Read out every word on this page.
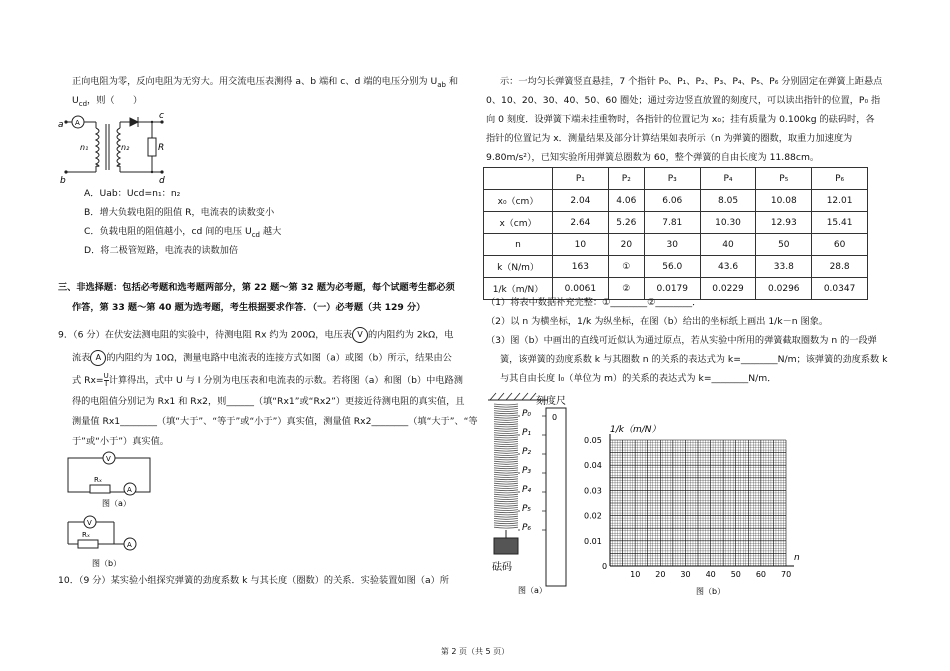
正向电阻为零，反向电阻为无穷大。用交流电压表测得 a、b 端和 c、d 端的电压分别为 $U_{ab}$ 和
$U_{cd}$，则（　　）
a
b
c
d
A
n₁	n₂	R
A．Uab：Ucd=n₁：n₂
B．增大负载电阻的阻值 R，电流表的读数变小
C．负载电阻的阻值越小，cd 间的电压 $U_{cd}$ 越大
D．将二极管短路，电流表的读数加倍
三、非选择题：包括必考题和选考题两部分，第 22 题～第 32 题为必考题，每个试题考生都必须
作答，第 33 题～第 40 题为选考题，考生根据要求作答．（一）必考题（共 129 分）
9．（6 分）在伏安法测电阻的实验中，待测电阻 Rx 约为 200Ω，电压表 V 的内阻约为 2kΩ，电
流表 A 的内阻约为 10Ω，测量电路中电流表的连接方式如图（a）或图（b）所示，结果由公
式 $Rx= \frac{U}{I}$ 计算得出，式中 U 与 I 分别为电压表和电流表的示数。若将图（a）和图（b）中电路测
得的电阻值分别记为 Rx1 和 Rx2，则______（填“Rx1”或“Rx2”）更接近待测电阻的真实值，且
测量值 Rx1________（填“大于”、“等于”或“小于”）真实值，测量值 Rx2________（填“大于”、“等
于”或“小于”）真实值。
V
A
Rₓ
图（a）
V
A
Rₓ
图（b）
10．（9 分）某实验小组探究弹簧的劲度系数 k 与其长度（圈数）的关系．实验装置如图（a）所
示：一均匀长弹簧竖直悬挂，7 个指针 P₀、P₁、P₂、P₃、P₄、P₅、P₆ 分别固定在弹簧上距悬点
0、10、20、30、40、50、60 圈处；通过旁边竖直放置的刻度尺，可以读出指针的位置，P₀ 指
向 0 刻度．设弹簧下端未挂重物时，各指针的位置记为 x₀；挂有质量为 0.100kg 的砝码时，各
指针的位置记为 x．测量结果及部分计算结果如表所示（n 为弹簧的圈数，取重力加速度为
9.80m/s²），已知实验所用弹簧总圈数为 60，整个弹簧的自由长度为 11.88cm。
	P₁	P₂	P₃	P₄	P₅	P₆
x₀（cm）	2.04	4.06	6.06	8.05	10.08	12.01
x（cm）	2.64	5.26	7.81	10.30	12.93	15.41
n	10	20	30	40	50	60
k（N/m）	163	①	56.0	43.6	33.8	28.8
1/k（m/N）	0.0061	②	0.0179	0.0229	0.0296	0.0347
（1）将表中数据补充完整：①________②________．
（2）以 n 为横坐标，1/k 为纵坐标，在图（b）给出的坐标纸上画出 1/k－n 图象。
（3）图（b）中画出的直线可近似认为通过原点，若从实验中所用的弹簧截取圈数为 n 的一段弹
簧，该弹簧的劲度系数 k 与其圈数 n 的关系的表达式为 k=________N/m；该弹簧的劲度系数 k
与其自由长度 l₀（单位为 m）的关系的表达式为 k=________N/m．
刻度尺
0
砝码
图（a）
P₀
P₁
P₂
P₃
P₄
P₅
P₆
1/k（m/N）
n
0.05
0.04
0.03
0.02
0.01
0
10 20 30 40 50 60 70
图（b）
第 2 页（共 5 页）
